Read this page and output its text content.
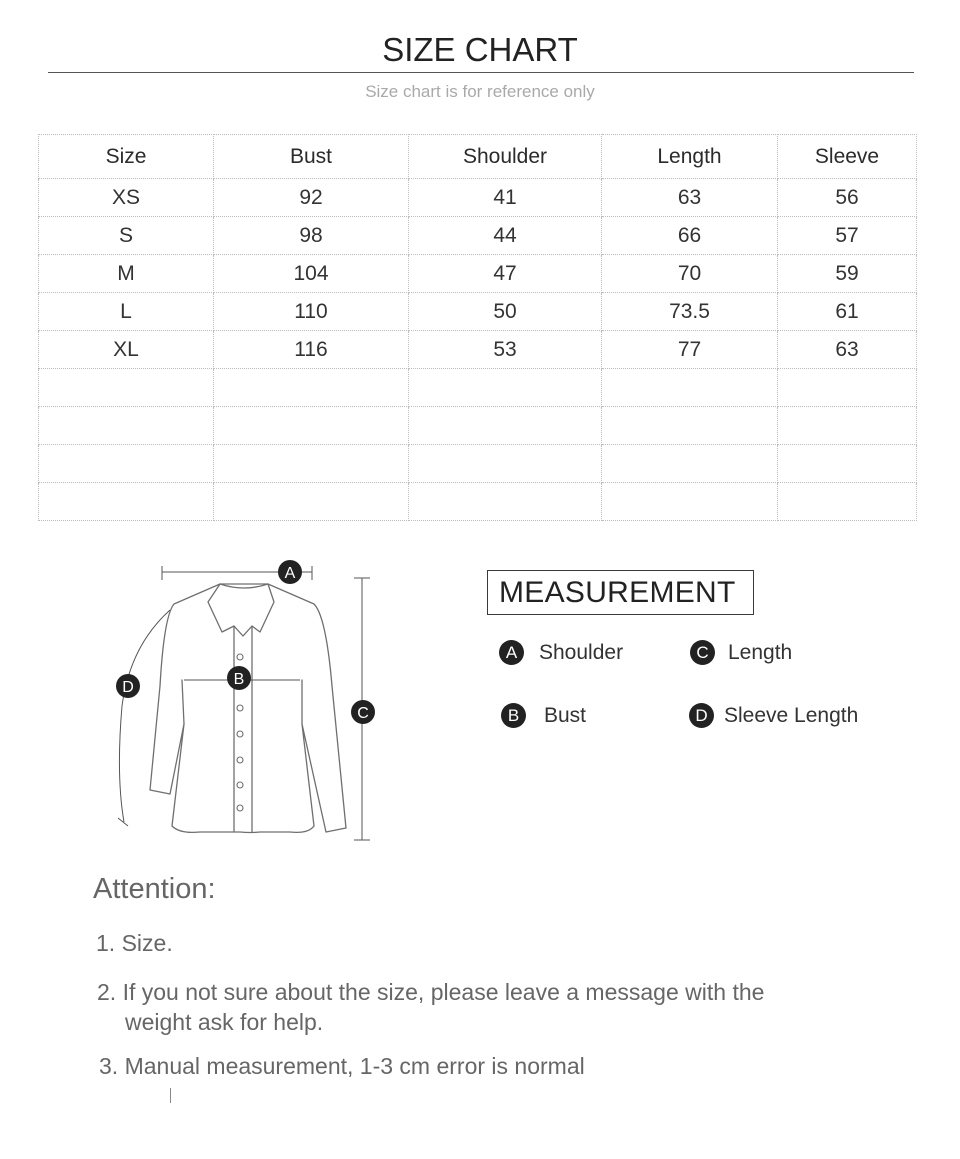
SIZE CHART
Size chart is for reference only
Size	Bust	Shoulder	Length	Sleeve
XS	92	41	63	56
S	98	44	66	57
M	104	47	70	59
L	110	50	73.5	61
XL	116	53	77	63

A
B
C
D
MEASUREMENT
A	Shoulder	C Length
B	Bust	D Sleeve Length
Attention:
1. Size.
2. If you not sure about the size, please leave a message with the
weight ask for help.
3. Manual measurement, 1-3 cm error is normal
